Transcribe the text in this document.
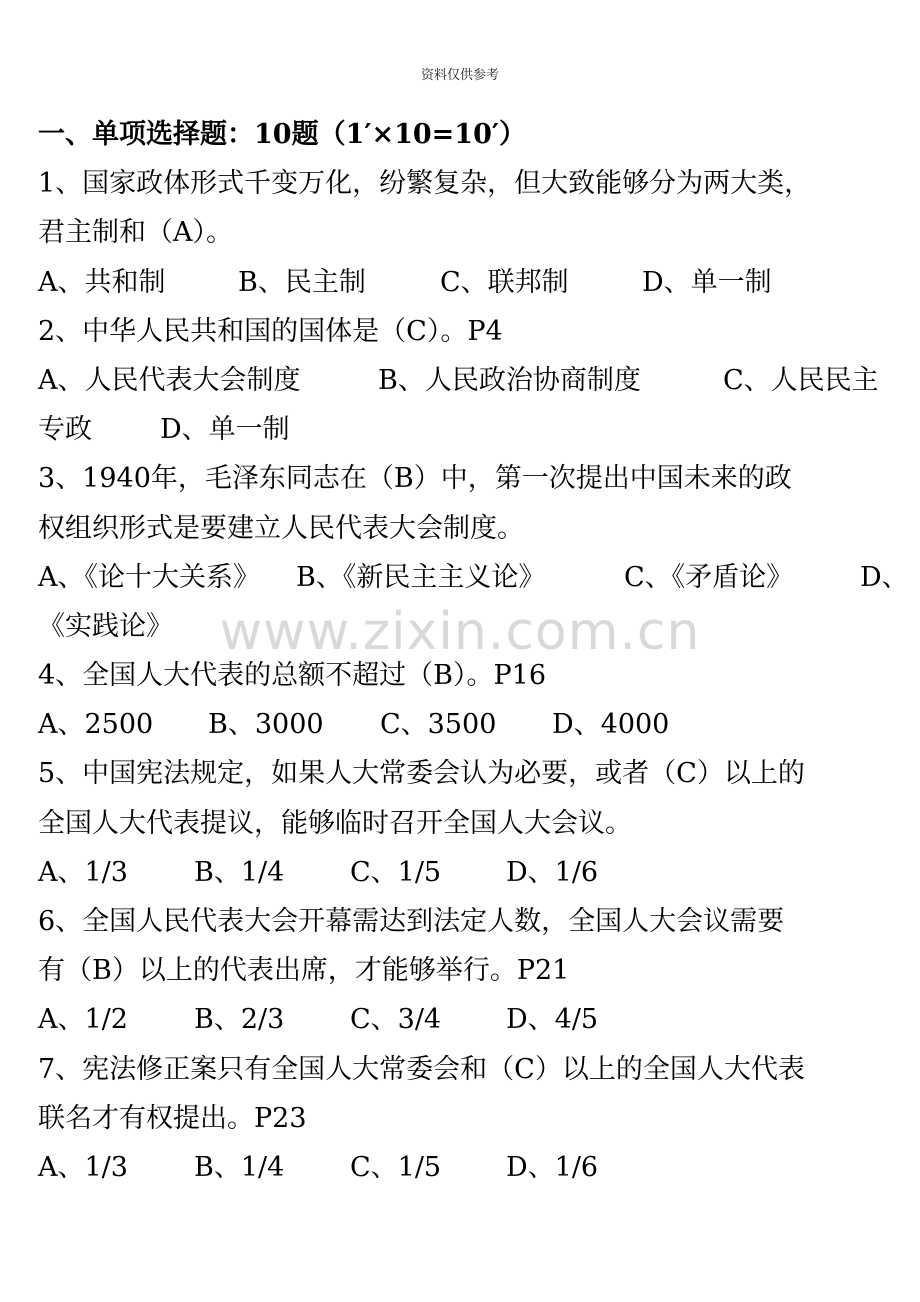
资料仅供参考
www.zixin.com.cn
一、单项选择题：10题（1′×10=10′）
1、国家政体形式千变万化，纷繁复杂，但大致能够分为两大类，
君主制和（A）。
A、共和制	B、民主制	C、联邦制	D、单一制
2、中华人民共和国的国体是（C）。P4
A、人民代表大会制度	B、人民政治协商制度	C、人民民主
专政	D、单一制
3、1940年，毛泽东同志在（B）中，第一次提出中国未来的政
权组织形式是要建立人民代表大会制度。
A、《论十大关系》 B、《新民主主义论》	C、《矛盾论》 D、
《实践论》
4、全国人大代表的总额不超过（B）。P16
A、2500 B、3000 C、3500 D、4000
5、中国宪法规定，如果人大常委会认为必要，或者（C）以上的
全国人大代表提议，能够临时召开全国人大会议。
A、1/3 B、1/4 C、1/5 D、1/6
6、全国人民代表大会开幕需达到法定人数，全国人大会议需要
有（B）以上的代表出席，才能够举行。P21
A、1/2 B、2/3 C、3/4 D、4/5
7、宪法修正案只有全国人大常委会和（C）以上的全国人大代表
联名才有权提出。P23
A、1/3 B、1/4 C、1/5 D、1/6
